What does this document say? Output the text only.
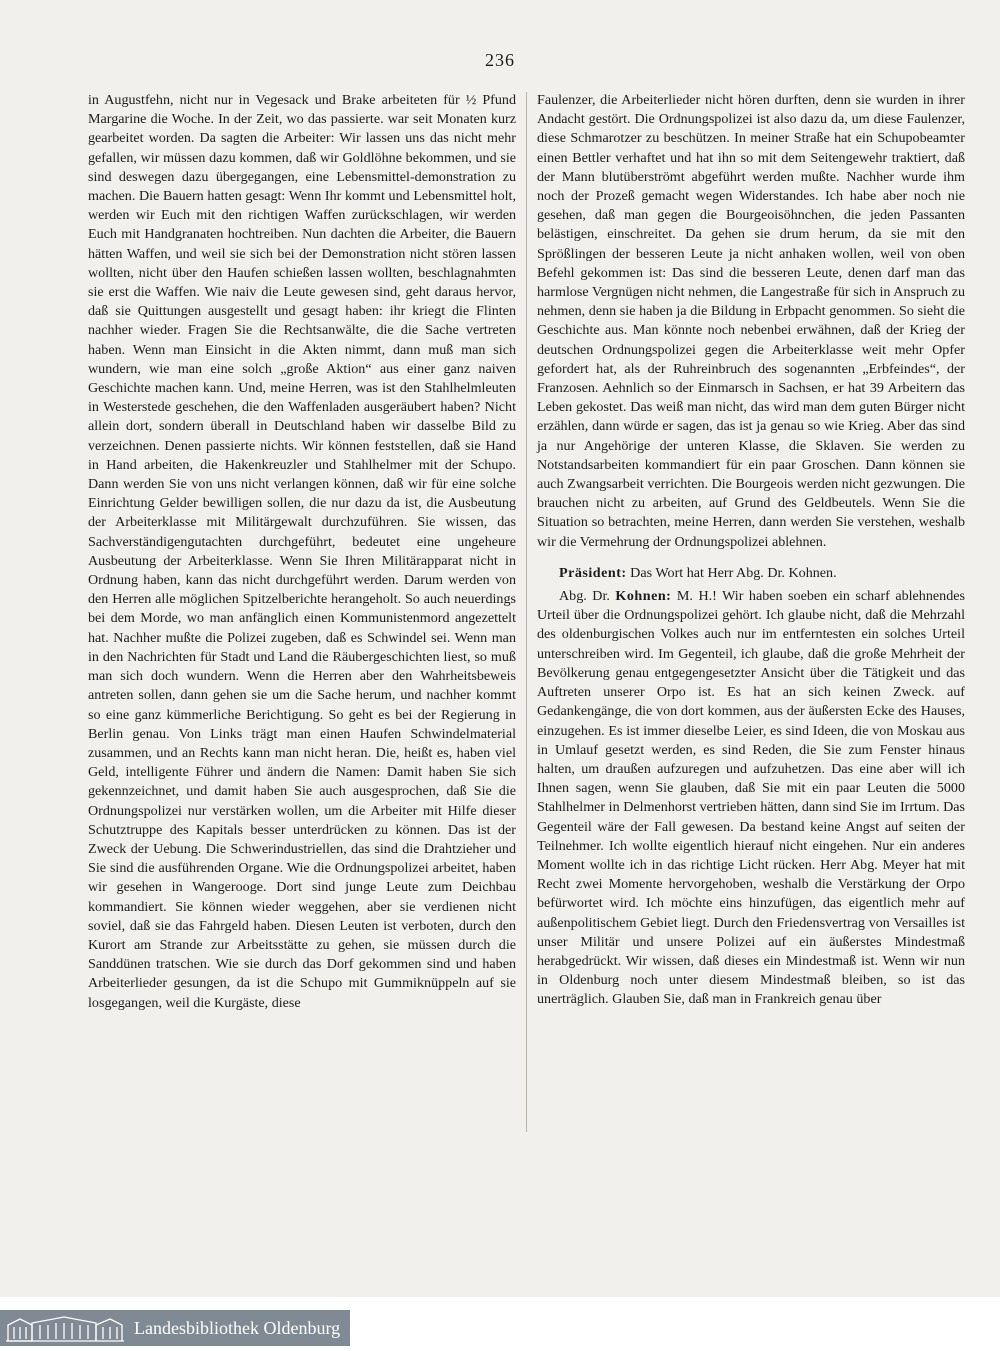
236

in Augustfehn, nicht nur in Vegesack und Brake arbeiteten für ½ Pfund Margarine die Woche. In der Zeit, wo das passierte. war seit Monaten kurz gearbeitet worden. Da sagten die Arbeiter: Wir lassen uns das nicht mehr gefallen, wir müssen dazu kommen, daß wir Goldlöhne bekommen, und sie sind deswegen dazu übergegangen, eine Lebensmittel-demonstration zu machen. Die Bauern hatten gesagt: Wenn Ihr kommt und Lebensmittel holt, werden wir Euch mit den richtigen Waffen zurückschlagen, wir werden Euch mit Handgranaten hochtreiben. Nun dachten die Arbeiter, die Bauern hätten Waffen, und weil sie sich bei der Demonstration nicht stören lassen wollten, nicht über den Haufen schießen lassen wollten, beschlagnahmten sie erst die Waffen. Wie naiv die Leute gewesen sind, geht daraus hervor, daß sie Quittungen ausgestellt und gesagt haben: ihr kriegt die Flinten nachher wieder. Fragen Sie die Rechtsanwälte, die die Sache vertreten haben. Wenn man Einsicht in die Akten nimmt, dann muß man sich wundern, wie man eine solch „große Aktion“ aus einer ganz naiven Geschichte machen kann. Und, meine Herren, was ist den Stahlhelmleuten in Westerstede geschehen, die den Waffenladen ausgeräubert haben? Nicht allein dort, sondern überall in Deutschland haben wir dasselbe Bild zu verzeichnen. Denen passierte nichts. Wir können feststellen, daß sie Hand in Hand arbeiten, die Hakenkreuzler und Stahlhelmer mit der Schupo. Dann werden Sie von uns nicht verlangen können, daß wir für eine solche Einrichtung Gelder bewilligen sollen, die nur dazu da ist, die Ausbeutung der Arbeiterklasse mit Militärgewalt durchzuführen. Sie wissen, das Sachverständigengutachten durchgeführt, bedeutet eine ungeheure Ausbeutung der Arbeiterklasse. Wenn Sie Ihren Militärapparat nicht in Ordnung haben, kann das nicht durchgeführt werden. Darum werden von den Herren alle möglichen Spitzelberichte herangeholt. So auch neuerdings bei dem Morde, wo man anfänglich einen Kommunistenmord angezettelt hat. Nachher mußte die Polizei zugeben, daß es Schwindel sei. Wenn man in den Nachrichten für Stadt und Land die Räubergeschichten liest, so muß man sich doch wundern. Wenn die Herren aber den Wahrheitsbeweis antreten sollen, dann gehen sie um die Sache herum, und nachher kommt so eine ganz kümmerliche Berichtigung. So geht es bei der Regierung in Berlin genau. Von Links trägt man einen Haufen Schwindelmaterial zusammen, und an Rechts kann man nicht heran. Die, heißt es, haben viel Geld, intelligente Führer und ändern die Namen: Damit haben Sie sich gekennzeichnet, und damit haben Sie auch ausgesprochen, daß Sie die Ordnungspolizei nur verstärken wollen, um die Arbeiter mit Hilfe dieser Schutztruppe des Kapitals besser unterdrücken zu können. Das ist der Zweck der Uebung. Die Schwerindustriellen, das sind die Drahtzieher und Sie sind die ausführenden Organe. Wie die Ordnungspolizei arbeitet, haben wir gesehen in Wangerooge. Dort sind junge Leute zum Deichbau kommandiert. Sie können wieder weggehen, aber sie verdienen nicht soviel, daß sie das Fahrgeld haben. Diesen Leuten ist verboten, durch den Kurort am Strande zur Arbeitsstätte zu gehen, sie müssen durch die Sanddünen tratschen. Wie sie durch das Dorf gekommen sind und haben Arbeiterlieder gesungen, da ist die Schupo mit Gummiknüppeln auf sie losgegangen, weil die Kurgäste, diese

Faulenzer, die Arbeiterlieder nicht hören durften, denn sie wurden in ihrer Andacht gestört. Die Ordnungspolizei ist also dazu da, um diese Faulenzer, diese Schmarotzer zu beschützen. In meiner Straße hat ein Schupobeamter einen Bettler verhaftet und hat ihn so mit dem Seitengewehr traktiert, daß der Mann blutüberströmt abgeführt werden mußte. Nachher wurde ihm noch der Prozeß gemacht wegen Widerstandes. Ich habe aber noch nie gesehen, daß man gegen die Bourgeoisöhnchen, die jeden Passanten belästigen, einschreitet. Da gehen sie drum herum, da sie mit den Sprößlingen der besseren Leute ja nicht anhaken wollen, weil von oben Befehl gekommen ist: Das sind die besseren Leute, denen darf man das harmlose Vergnügen nicht nehmen, die Langestraße für sich in Anspruch zu nehmen, denn sie haben ja die Bildung in Erbpacht genommen. So sieht die Geschichte aus. Man könnte noch nebenbei erwähnen, daß der Krieg der deutschen Ordnungspolizei gegen die Arbeiterklasse weit mehr Opfer gefordert hat, als der Ruhreinbruch des sogenannten „Erbfeindes“, der Franzosen. Aehnlich so der Einmarsch in Sachsen, er hat 39 Arbeitern das Leben gekostet. Das weiß man nicht, das wird man dem guten Bürger nicht erzählen, dann würde er sagen, das ist ja genau so wie Krieg. Aber das sind ja nur Angehörige der unteren Klasse, die Sklaven. Sie werden zu Notstandsarbeiten kommandiert für ein paar Groschen. Dann können sie auch Zwangsarbeit verrichten. Die Bourgeois werden nicht gezwungen. Die brauchen nicht zu arbeiten, auf Grund des Geldbeutels. Wenn Sie die Situation so betrachten, meine Herren, dann werden Sie verstehen, weshalb wir die Vermehrung der Ordnungspolizei ablehnen.

Präsident: Das Wort hat Herr Abg. Dr. Kohnen.

Abg. Dr. Kohnen: M. H.! Wir haben soeben ein scharf ablehnendes Urteil über die Ordnungspolizei gehört. Ich glaube nicht, daß die Mehrzahl des oldenburgischen Volkes auch nur im entferntesten ein solches Urteil unterschreiben wird. Im Gegenteil, ich glaube, daß die große Mehrheit der Bevölkerung genau entgegengesetzter Ansicht über die Tätigkeit und das Auftreten unserer Orpo ist. Es hat an sich keinen Zweck. auf Gedankengänge, die von dort kommen, aus der äußersten Ecke des Hauses, einzugehen. Es ist immer dieselbe Leier, es sind Ideen, die von Moskau aus in Umlauf gesetzt werden, es sind Reden, die Sie zum Fenster hinaus halten, um draußen aufzuregen und aufzuhetzen. Das eine aber will ich Ihnen sagen, wenn Sie glauben, daß Sie mit ein paar Leuten die 5000 Stahlhelmer in Delmenhorst vertrieben hätten, dann sind Sie im Irrtum. Das Gegenteil wäre der Fall gewesen. Da bestand keine Angst auf seiten der Teilnehmer. Ich wollte eigentlich hierauf nicht eingehen. Nur ein anderes Moment wollte ich in das richtige Licht rücken. Herr Abg. Meyer hat mit Recht zwei Momente hervorgehoben, weshalb die Verstärkung der Orpo befürwortet wird. Ich möchte eins hinzufügen, das eigentlich mehr auf außenpolitischem Gebiet liegt. Durch den Friedensvertrag von Versailles ist unser Militär und unsere Polizei auf ein äußerstes Mindestmaß herabgedrückt. Wir wissen, daß dieses ein Mindestmaß ist. Wenn wir nun in Oldenburg noch unter diesem Mindestmaß bleiben, so ist das unerträglich. Glauben Sie, daß man in Frankreich genau über

Landesbibliothek Oldenburg
